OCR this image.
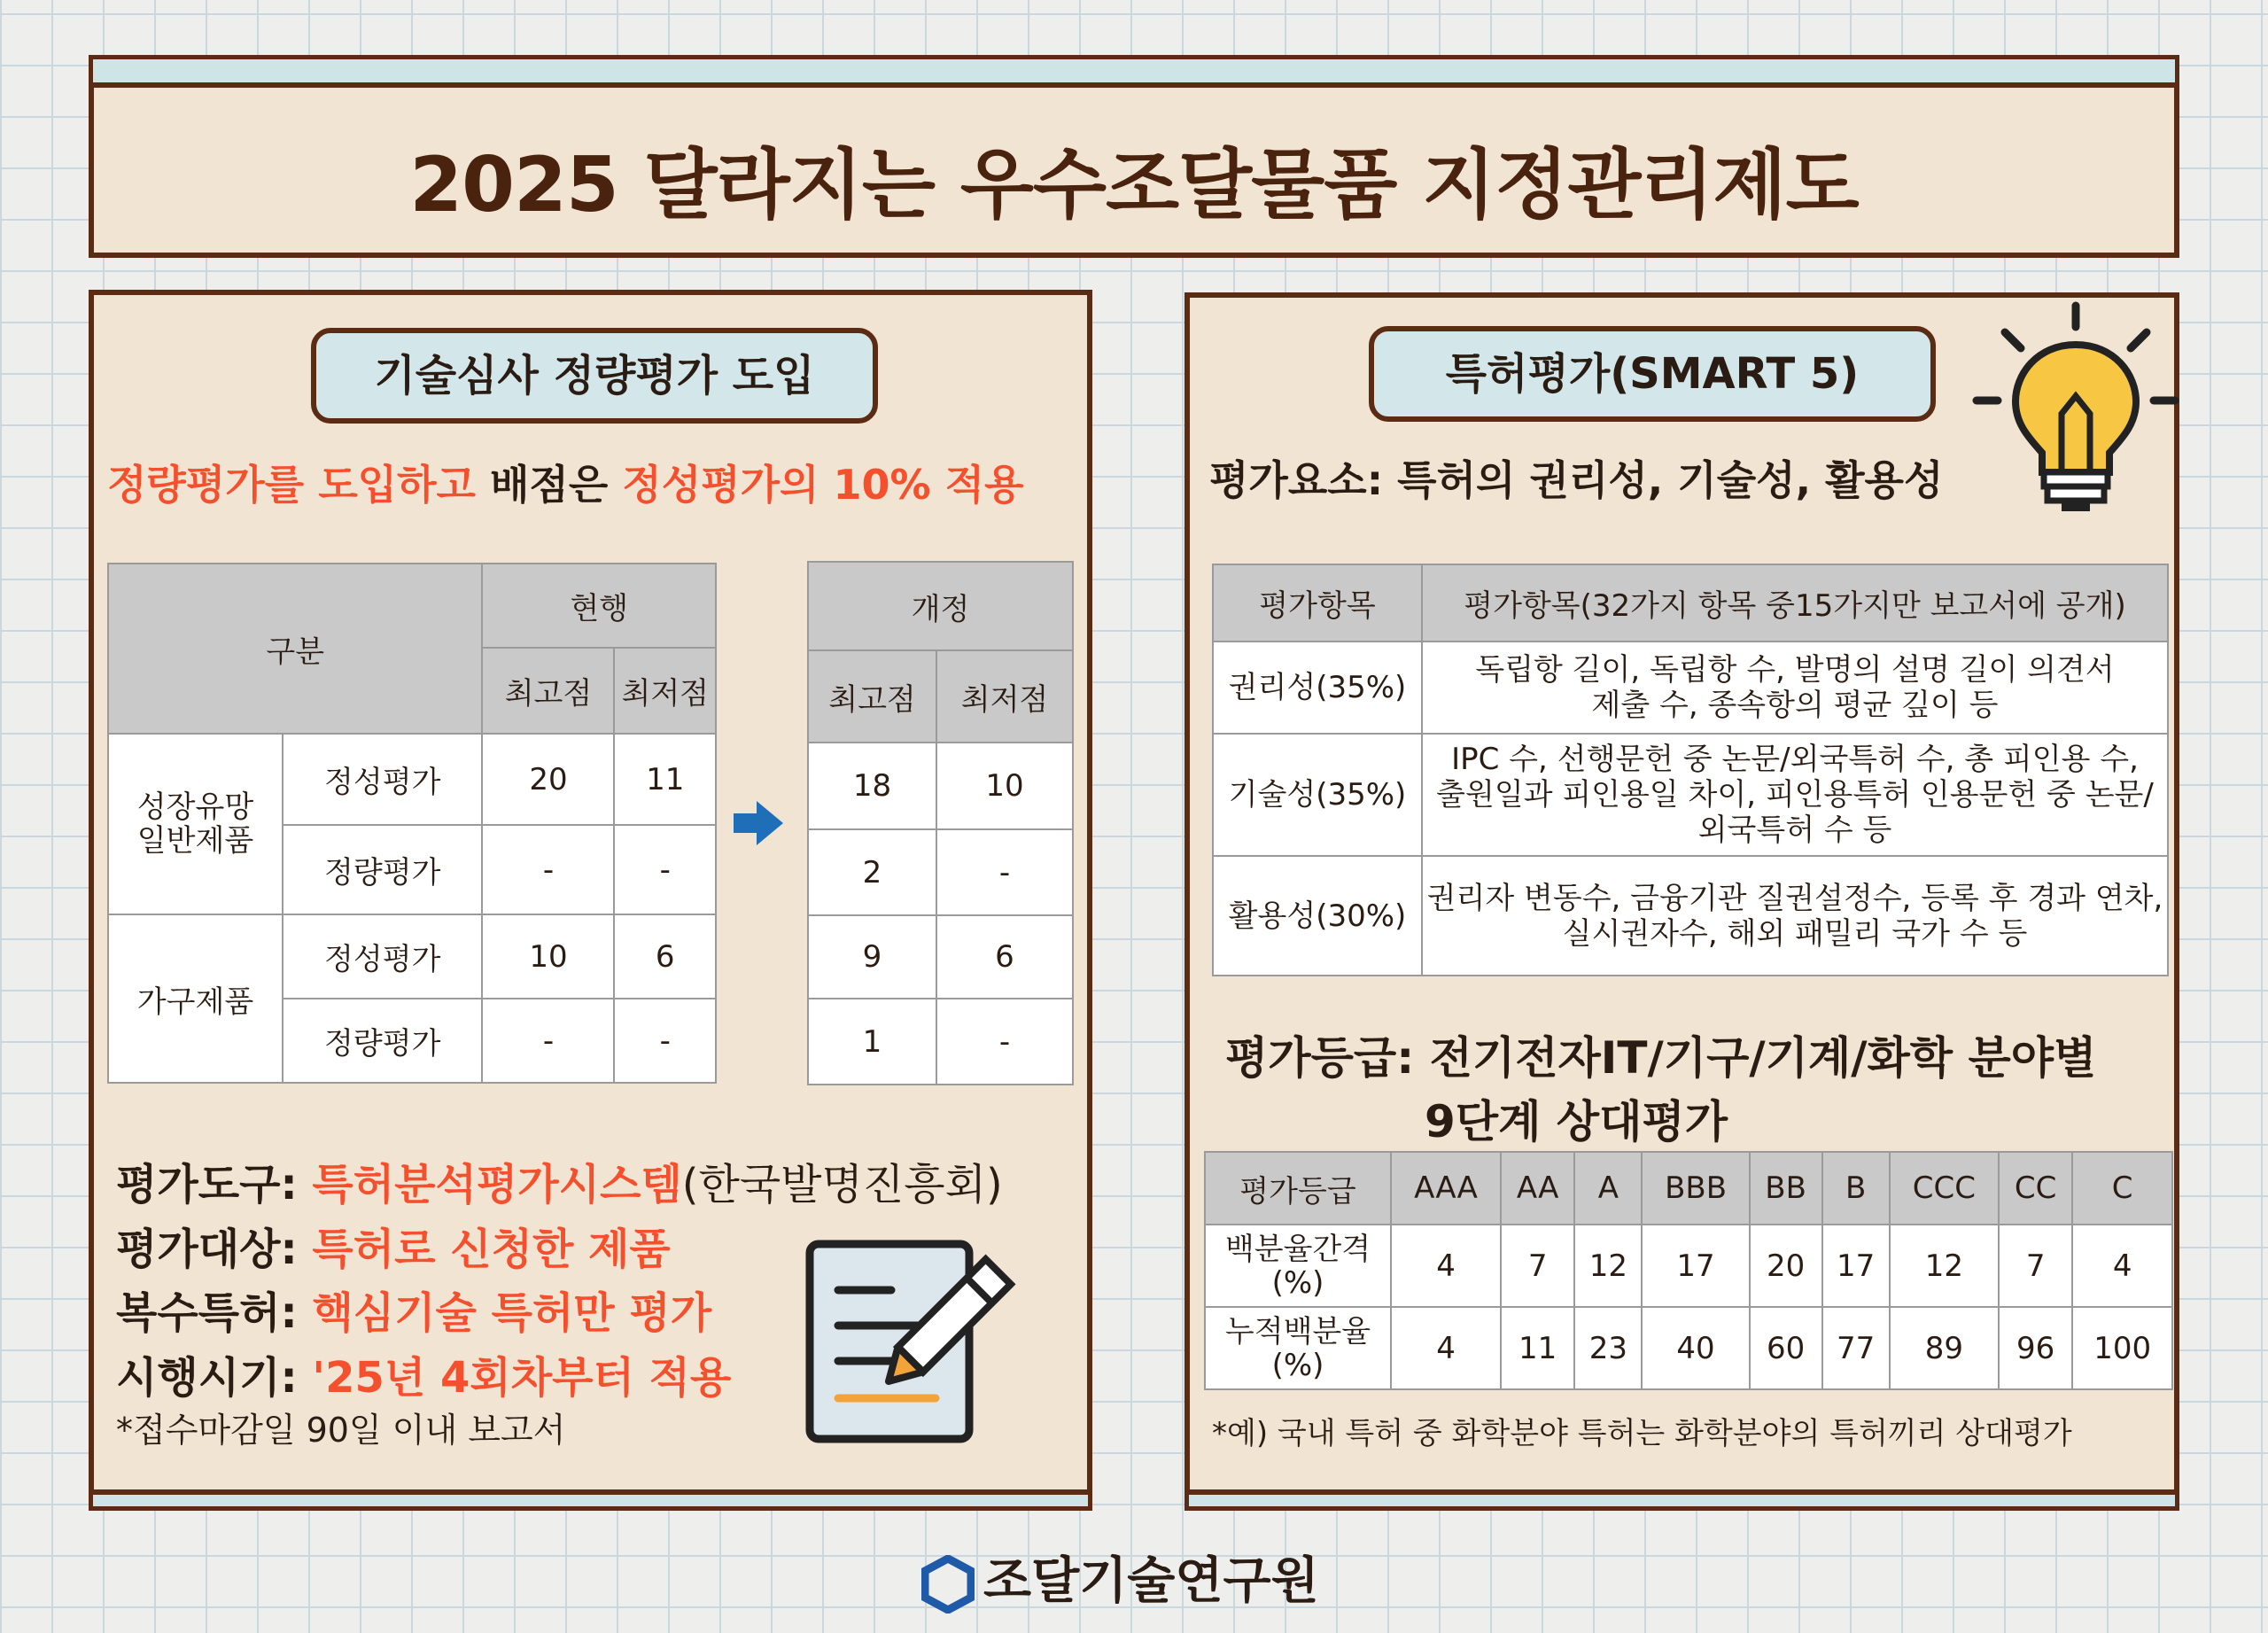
2025 달라지는 우수조달물품 지정관리제도
기술심사 정량평가 도입
정량평가를 도입하고 배점은 정성평가의 10% 적용
구분		현행	
		최고점	최저점
성장유망 일반제품	정성평가	20	11
	정량평가	-	-
가구제품	정성평가	10	6
	정량평가	-	-
개정	
최고점	최저점
18	10
2	-
9	6
1	-
평가도구: 특허분석평가시스템(한국발명진흥회)
평가대상: 특허로 신청한 제품
복수특허: 핵심기술 특허만 평가
시행시기: '25년 4회차부터 적용
*접수마감일 90일 이내 보고서
특허평가(SMART 5)
평가요소: 특허의 권리성, 기술성, 활용성
평가항목	평가항목(32가지 항목 중15가지만 보고서에 공개)
권리성(35%)	독립항 길이, 독립항 수, 발명의 설명 길이 의견서
제출 수, 종속항의 평균 깊이 등

기술성(35%)	IPC 수, 선행문헌 중 논문/외국특허 수, 총 피인용 수,
출원일과 피인용일 차이, 피인용특허 인용문헌 중 논문/
외국특허 수 등

활용성(30%)	권리자 변동수, 금융기관 질권설정수, 등록 후 경과 연차,
실시권자수, 해외 패밀리 국가 수 등
평가등급: 전기전자IT/기구/기계/화학 분야별
9단계 상대평가
평가등급	AAA	AA	A	BBB	BB	B	CCC	CC	C

백분율간격
(%)	4	7	12	17	20	17	12	7	4

누적백분율
(%)	4	11	23	40	60	77	89	96	100
*예) 국내 특허 중 화학분야 특허는 화학분야의 특허끼리 상대평가
조달기술연구원
